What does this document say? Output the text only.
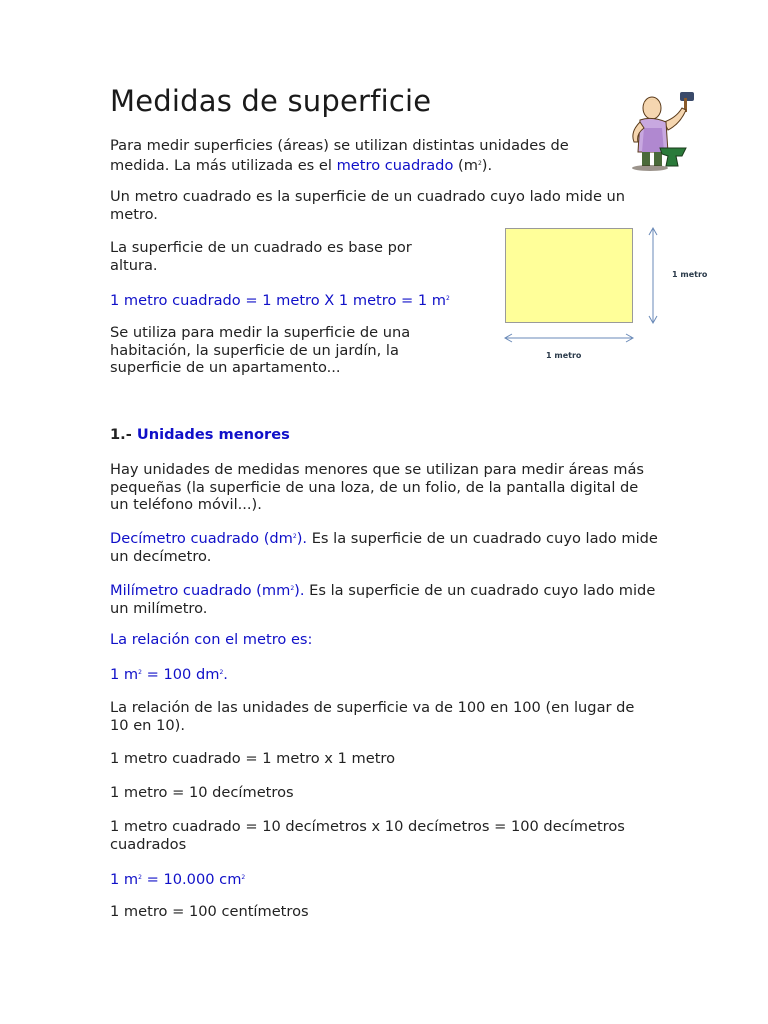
Medidas de superficie

Para medir superficies (áreas) se utilizan distintas unidades de medida. La más utilizada es el metro cuadrado $(m^2)$.

Un metro cuadrado es la superficie de un cuadrado cuyo lado mide un metro.

La superficie de un cuadrado es base por altura.

1 metro cuadrado = 1 metro X 1 metro = 1 $m^2$

Se utiliza para medir la superficie de una habitación, la superficie de un jardín, la superficie de un apartamento...

1 metro
1 metro

1.- Unidades menores

Hay unidades de medidas menores que se utilizan para medir áreas más pequeñas (la superficie de una loza, de un folio, de la pantalla digital de un teléfono móvil...).

Decímetro cuadrado $(dm^2)$. Es la superficie de un cuadrado cuyo lado mide un decímetro.

Milímetro cuadrado $(mm^2)$. Es la superficie de un cuadrado cuyo lado mide un milímetro.

La relación con el metro es:

1 $m^2 = 100$ $dm^2$.

La relación de las unidades de superficie va de 100 en 100 (en lugar de 10 en 10).

1 metro cuadrado = 1 metro x 1 metro

1 metro = 10 decímetros

1 metro cuadrado = 10 decímetros x 10 decímetros = 100 decímetros cuadrados

1 $m^2 = 10.000$ $cm^2$

1 metro = 100 centímetros
